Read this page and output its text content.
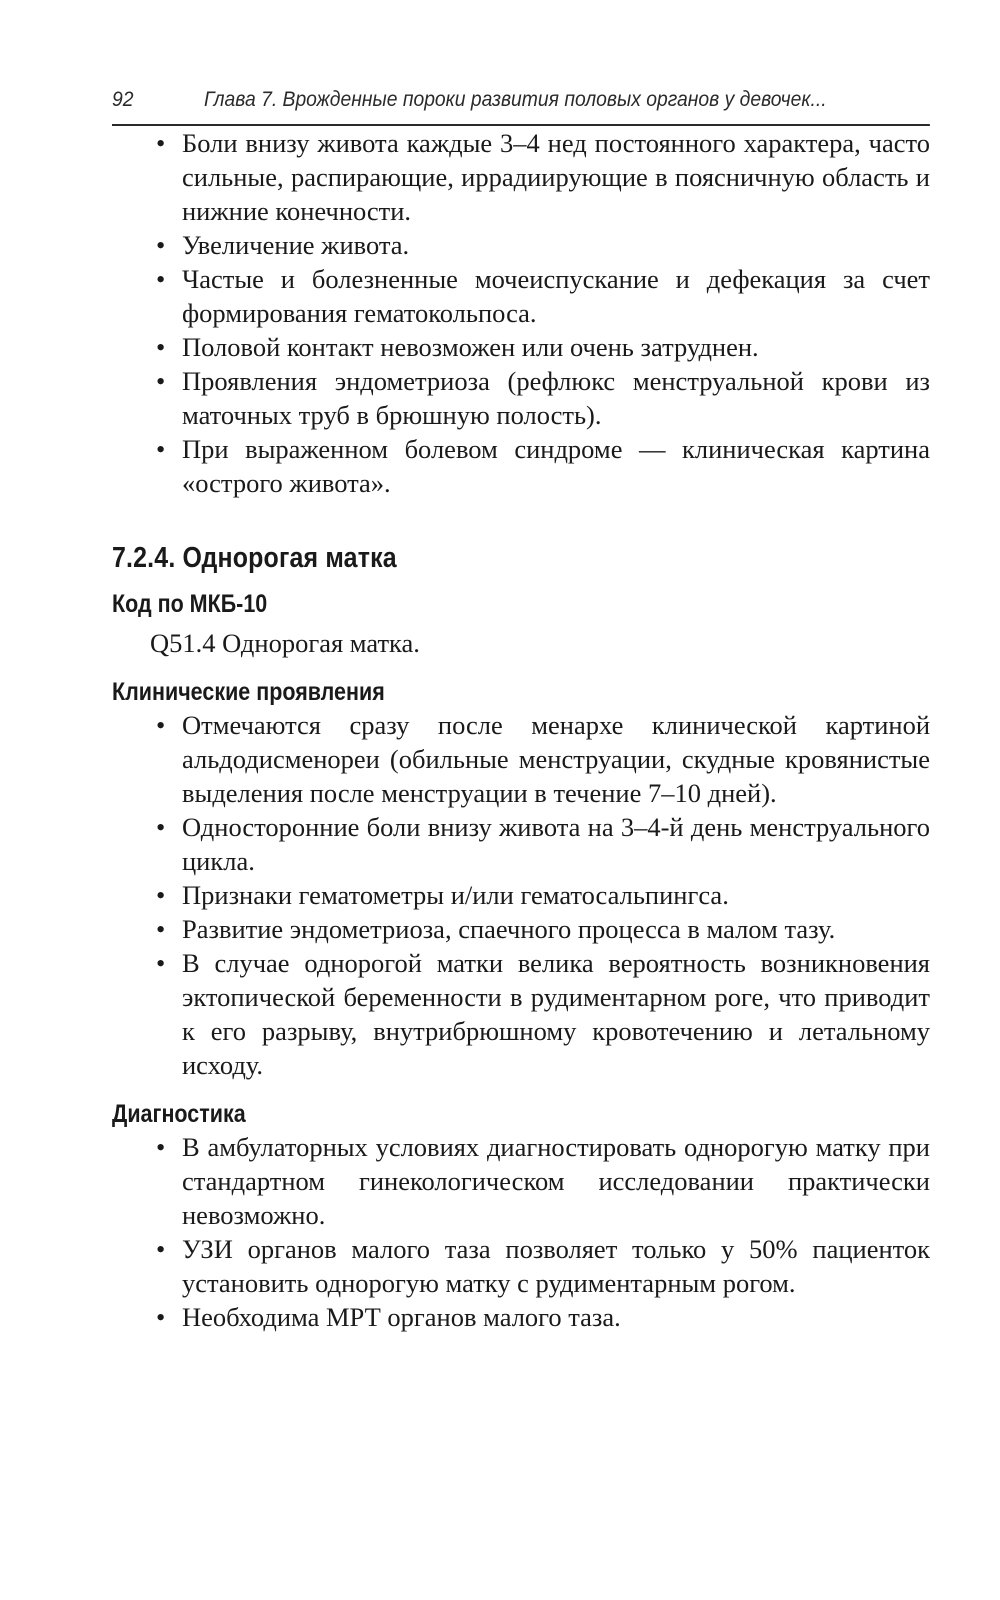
92	Глава 7. Врожденные пороки развития половых органов у девочек...
• Боли внизу живота каждые 3–4 нед постоянного характера, часто сильные, распирающие, иррадиирующие в поясничную область и нижние конечности.
• Увеличение живота.
• Частые и болезненные мочеиспускание и дефекация за счет формирования гематокольпоса.
• Половой контакт невозможен или очень затруднен.
• Проявления эндометриоза (рефлюкс менструальной крови из маточных труб в брюшную полость).
• При выраженном болевом синдроме — клиническая картина «острого живота».
7.2.4. Однорогая матка
Код по МКБ-10
Q51.4 Однорогая матка.
Клинические проявления
• Отмечаются сразу после менархе клинической картиной альдодисменореи (обильные менструации, скудные кровянистые выделения после менструации в течение 7–10 дней).
• Односторонние боли внизу живота на 3–4-й день менструального цикла.
• Признаки гематометры и/или гематосальпингса.
• Развитие эндометриоза, спаечного процесса в малом тазу.
• В случае однорогой матки велика вероятность возникновения эктопической беременности в рудиментарном роге, что приводит к его разрыву, внутрибрюшному кровотечению и летальному исходу.
Диагностика
• В амбулаторных условиях диагностировать однорогую матку при стандартном гинекологическом исследовании практически невозможно.
• УЗИ органов малого таза позволяет только у 50% пациенток установить однорогую матку с рудиментарным рогом.
• Необходима МРТ органов малого таза.
